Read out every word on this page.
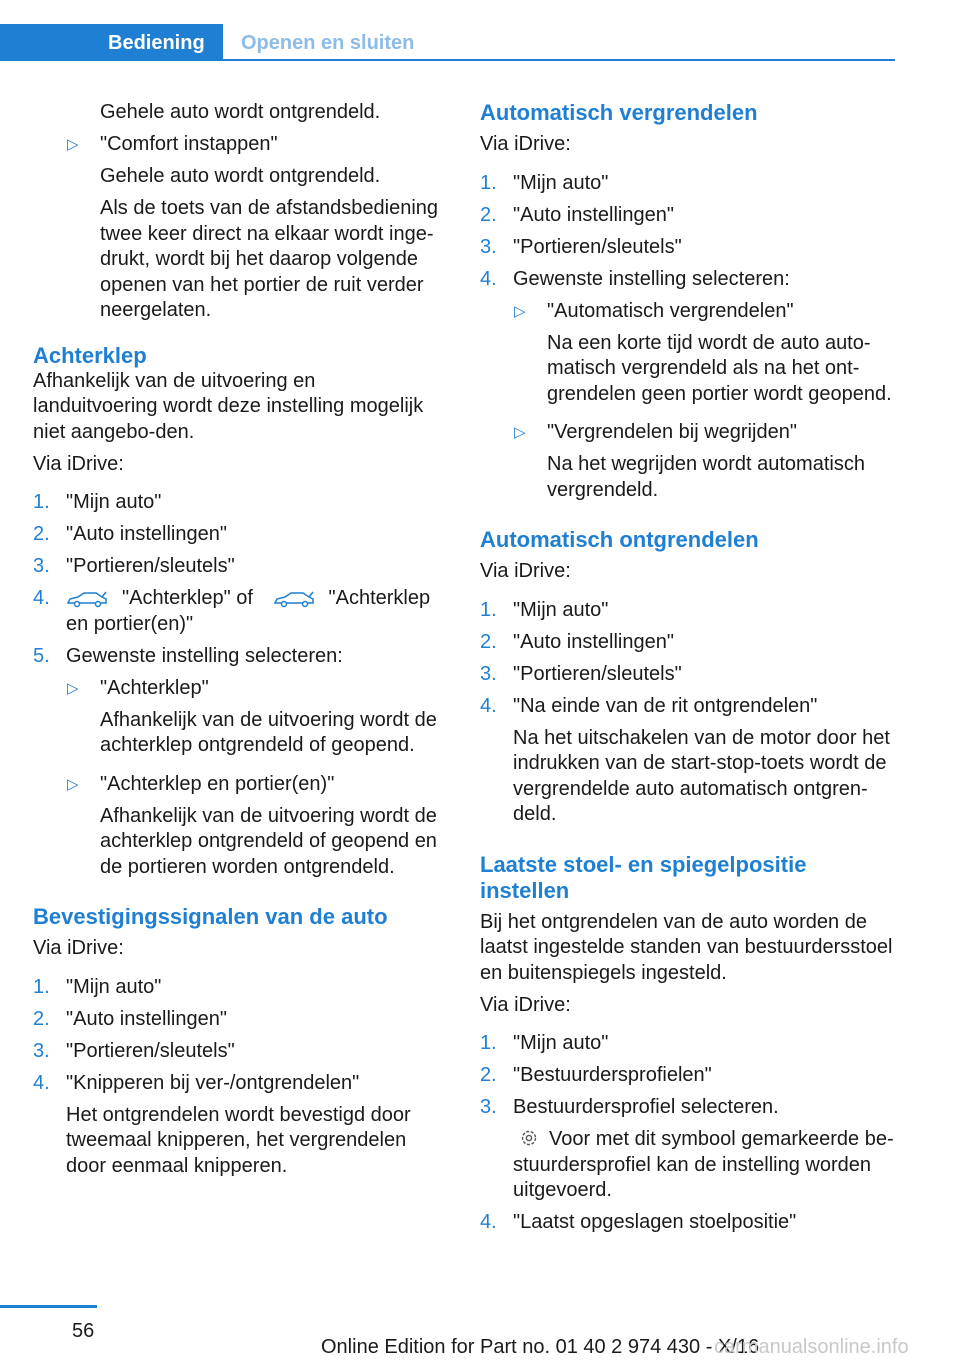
Bediening	Openen en sluiten

Gehele auto wordt ontgrendeld.

▷ "Comfort instappen"

Gehele auto wordt ontgrendeld.

Als de toets van de afstandsbediening twee keer direct na elkaar wordt inge‐drukt, wordt bij het daarop volgende openen van het portier de ruit verder neergelaten.

Achterklep

Afhankelijk van de uitvoering en landuitvoering wordt deze instelling mogelijk niet aangebo‐den.

Via iDrive:

1. "Mijn auto"
2. "Auto instellingen"
3. "Portieren/sleutels"
4.	"Achterklep" of	"Achterklep en portier(en)"
5. Gewenste instelling selecteren:
▷ "Achterklep"
Afhankelijk van de uitvoering wordt de achterklep ontgrendeld of geopend.
▷ "Achterklep en portier(en)"
Afhankelijk van de uitvoering wordt de achterklep ontgrendeld of geopend en de portieren worden ontgrendeld.
Bevestigingssignalen van de auto

Via iDrive:

1. "Mijn auto"
2. "Auto instellingen"
3. "Portieren/sleutels"
4. "Knipperen bij ver-/ontgrendelen"
Het ontgrendelen wordt bevestigd door tweemaal knipperen, het vergrendelen door eenmaal knipperen.
Automatisch vergrendelen

Via iDrive:

1. "Mijn auto"
2. "Auto instellingen"
3. "Portieren/sleutels"
4. Gewenste instelling selecteren:
▷ "Automatisch vergrendelen"
Na een korte tijd wordt de auto auto‐matisch vergrendeld als na het ont‐grendelen geen portier wordt geopend.
▷ "Vergrendelen bij wegrijden"
Na het wegrijden wordt automatisch vergrendeld.
Automatisch ontgrendelen

Via iDrive:

1. "Mijn auto"
2. "Auto instellingen"
3. "Portieren/sleutels"
4. "Na einde van de rit ontgrendelen"
Na het uitschakelen van de motor door het indrukken van de start-stop-toets wordt de vergrendelde auto automatisch ontgren‐deld.
Laatste stoel- en spiegelpositie instellen

Bij het ontgrendelen van de auto worden de laatst ingestelde standen van bestuurdersstoel en buitenspiegels ingesteld.

Via iDrive:

1. "Mijn auto"
2. "Bestuurdersprofielen"
3. Bestuurdersprofiel selecteren.
Voor met dit symbool gemarkeerde be‐stuurdersprofiel kan de instelling worden uitgevoerd.
4. "Laatst opgeslagen stoelpositie"
56
Online Edition for Part no. 01 40 2 974 430 - X/16
carmanualsonline.info
